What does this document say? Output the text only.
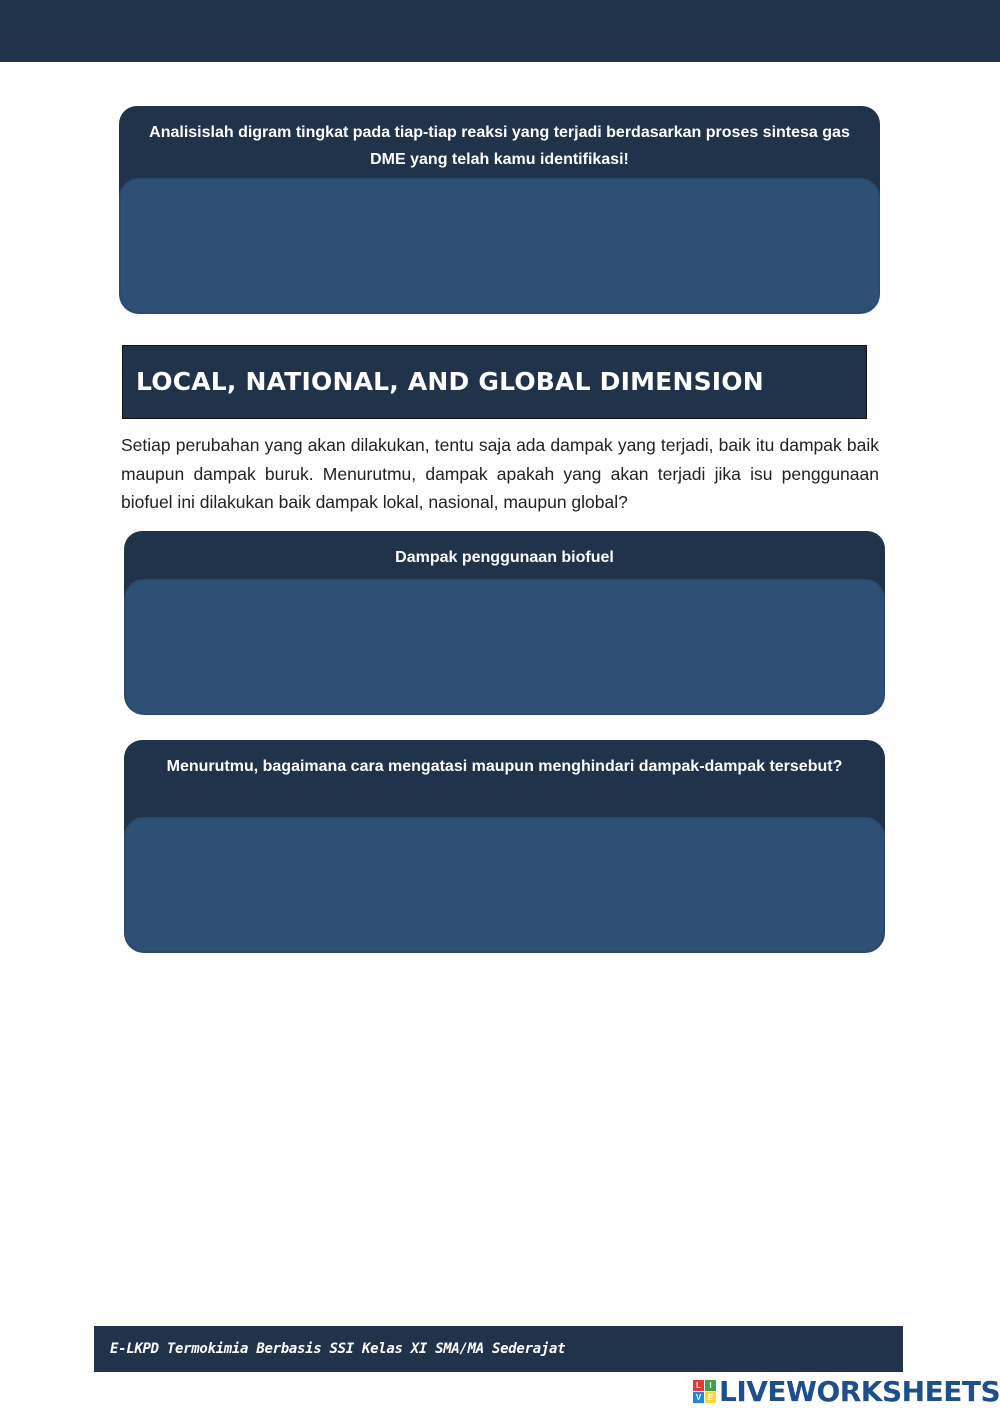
Analisislah digram tingkat pada tiap-tiap reaksi yang terjadi berdasarkan proses sintesa gas DME yang telah kamu identifikasi!
LOCAL, NATIONAL, AND GLOBAL DIMENSION

Setiap perubahan yang akan dilakukan, tentu saja ada dampak yang terjadi, baik itu dampak baik maupun dampak buruk. Menurutmu, dampak apakah yang akan terjadi jika isu penggunaan biofuel ini dilakukan baik dampak lokal, nasional, maupun global?

Dampak penggunaan biofuel
Menurutmu, bagaimana cara mengatasi maupun menghindari dampak-dampak tersebut?
E-LKPD Termokimia Berbasis SSI Kelas XI SMA/MA Sederajat
L	I
V E LIVEWORKSHEETS
